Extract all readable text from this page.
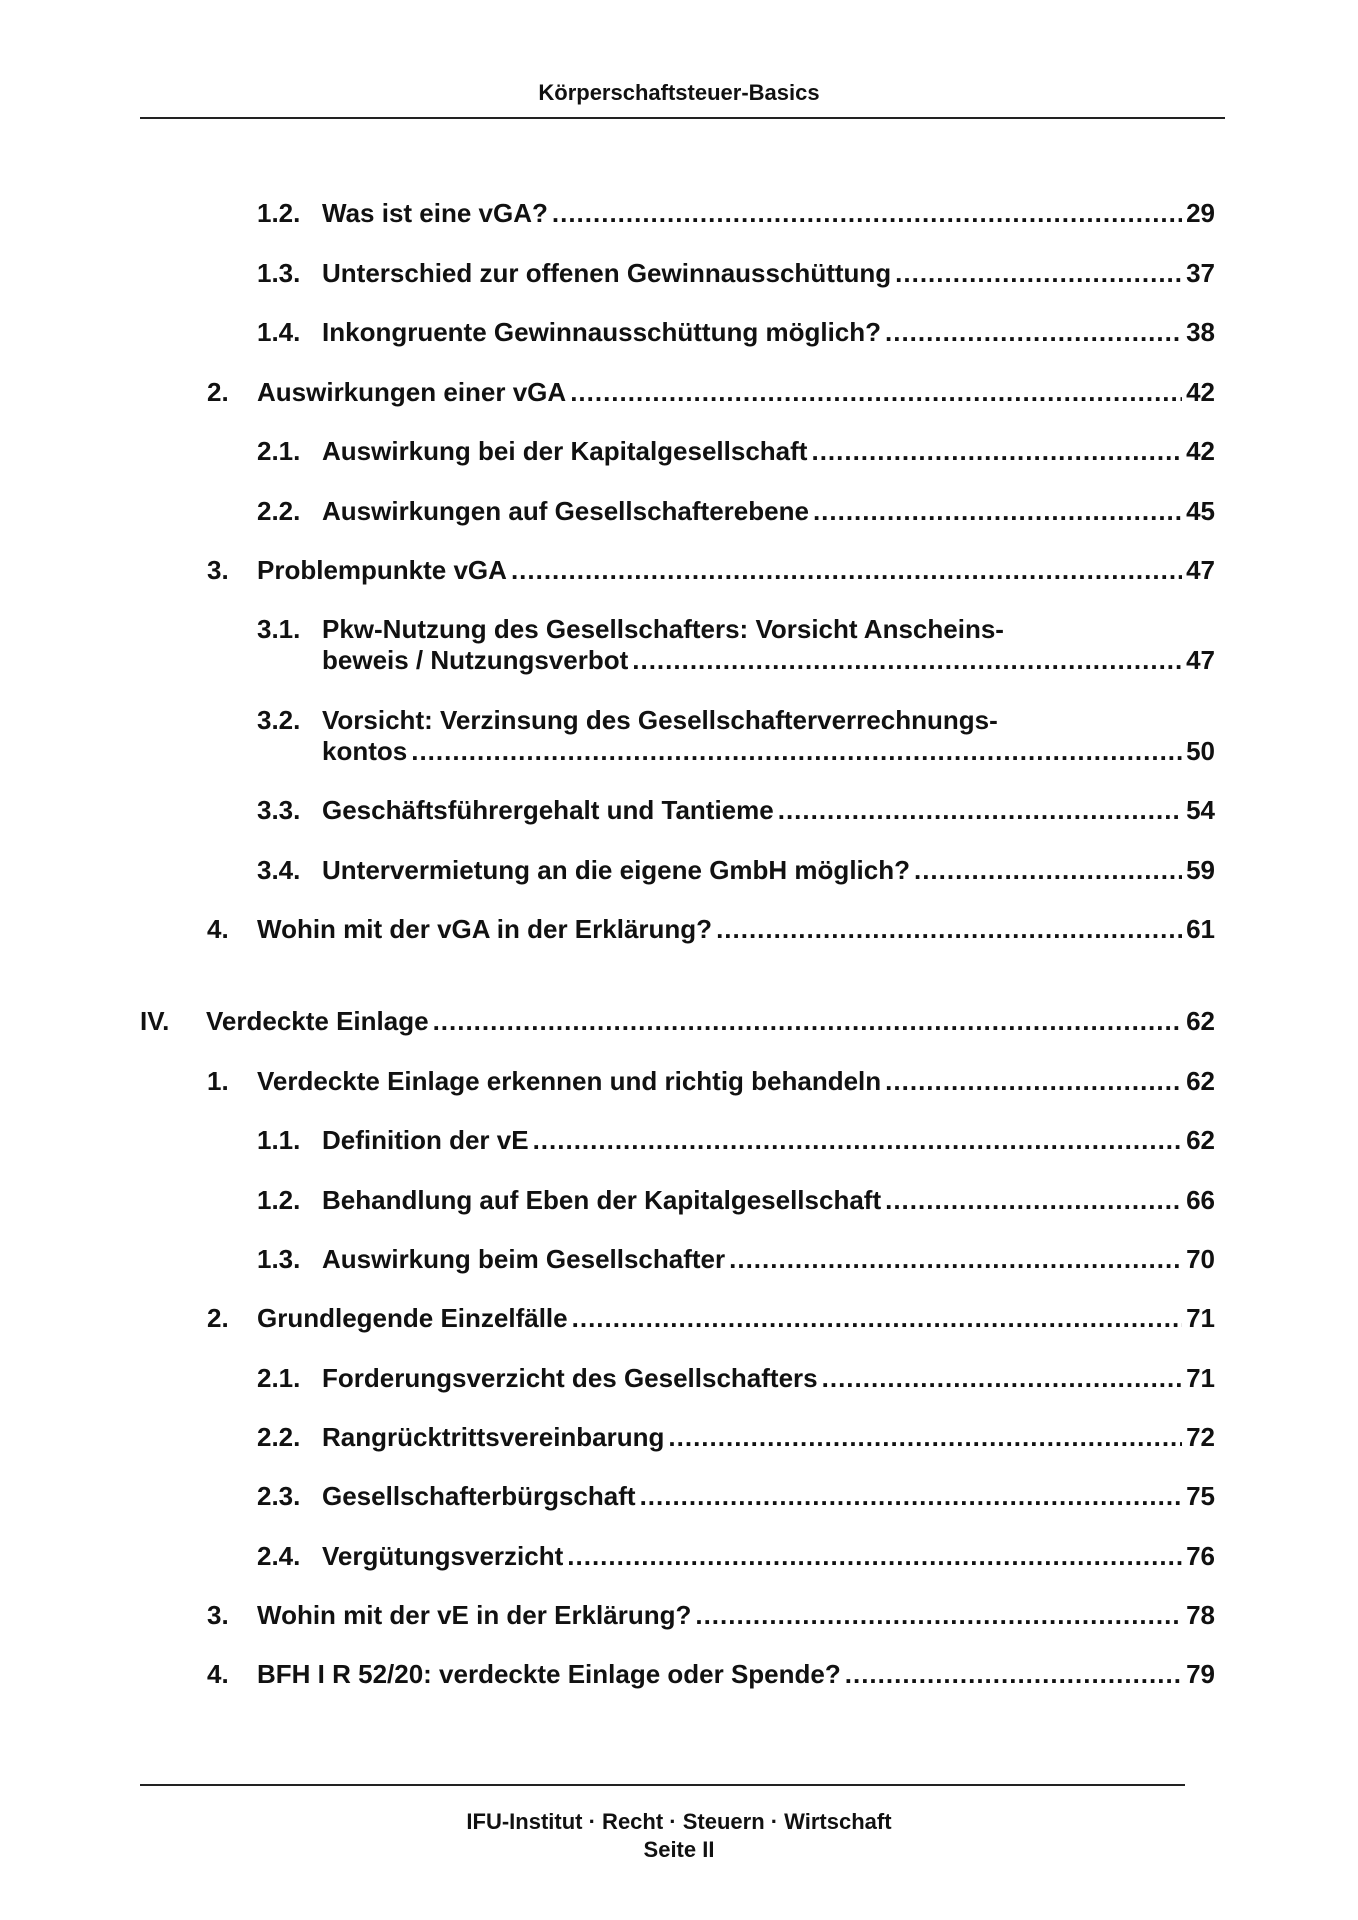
Körperschaftsteuer-Basics
1.2. Was ist eine vGA? .....	29
1.3. Unterschied zur offenen Gewinnausschüttung .....	37
1.4. Inkongruente Gewinnausschüttung möglich? .....	38
2. Auswirkungen einer vGA .....	42
2.1. Auswirkung bei der Kapitalgesellschaft .....	42
2.2. Auswirkungen auf Gesellschafterebene .....	45
3. Problempunkte vGA .....	47
3.1. Pkw-Nutzung des Gesellschafters: Vorsicht Anscheins-
beweis / Nutzungsverbot .....	47
3.2. Vorsicht: Verzinsung des Gesellschafterverrechnungs-
kontos .....	50
3.3. Geschäftsführergehalt und Tantieme .....	54
3.4. Untervermietung an die eigene GmbH möglich? .....	59
4. Wohin mit der vGA in der Erklärung? .....	61
IV. Verdeckte Einlage .....	62
1. Verdeckte Einlage erkennen und richtig behandeln .....	62
1.1. Definition der vE .....	62
1.2. Behandlung auf Eben der Kapitalgesellschaft .....	66
1.3. Auswirkung beim Gesellschafter .....	70
2. Grundlegende Einzelfälle .....	71
2.1. Forderungsverzicht des Gesellschafters .....	71
2.2. Rangrücktrittsvereinbarung .....	72
2.3. Gesellschafterbürgschaft .....	75
2.4. Vergütungsverzicht .....	76
3. Wohin mit der vE in der Erklärung? .....	78
4. BFH I R 52/20: verdeckte Einlage oder Spende? .....	79
IFU-Institut · Recht · Steuern · Wirtschaft
Seite II
